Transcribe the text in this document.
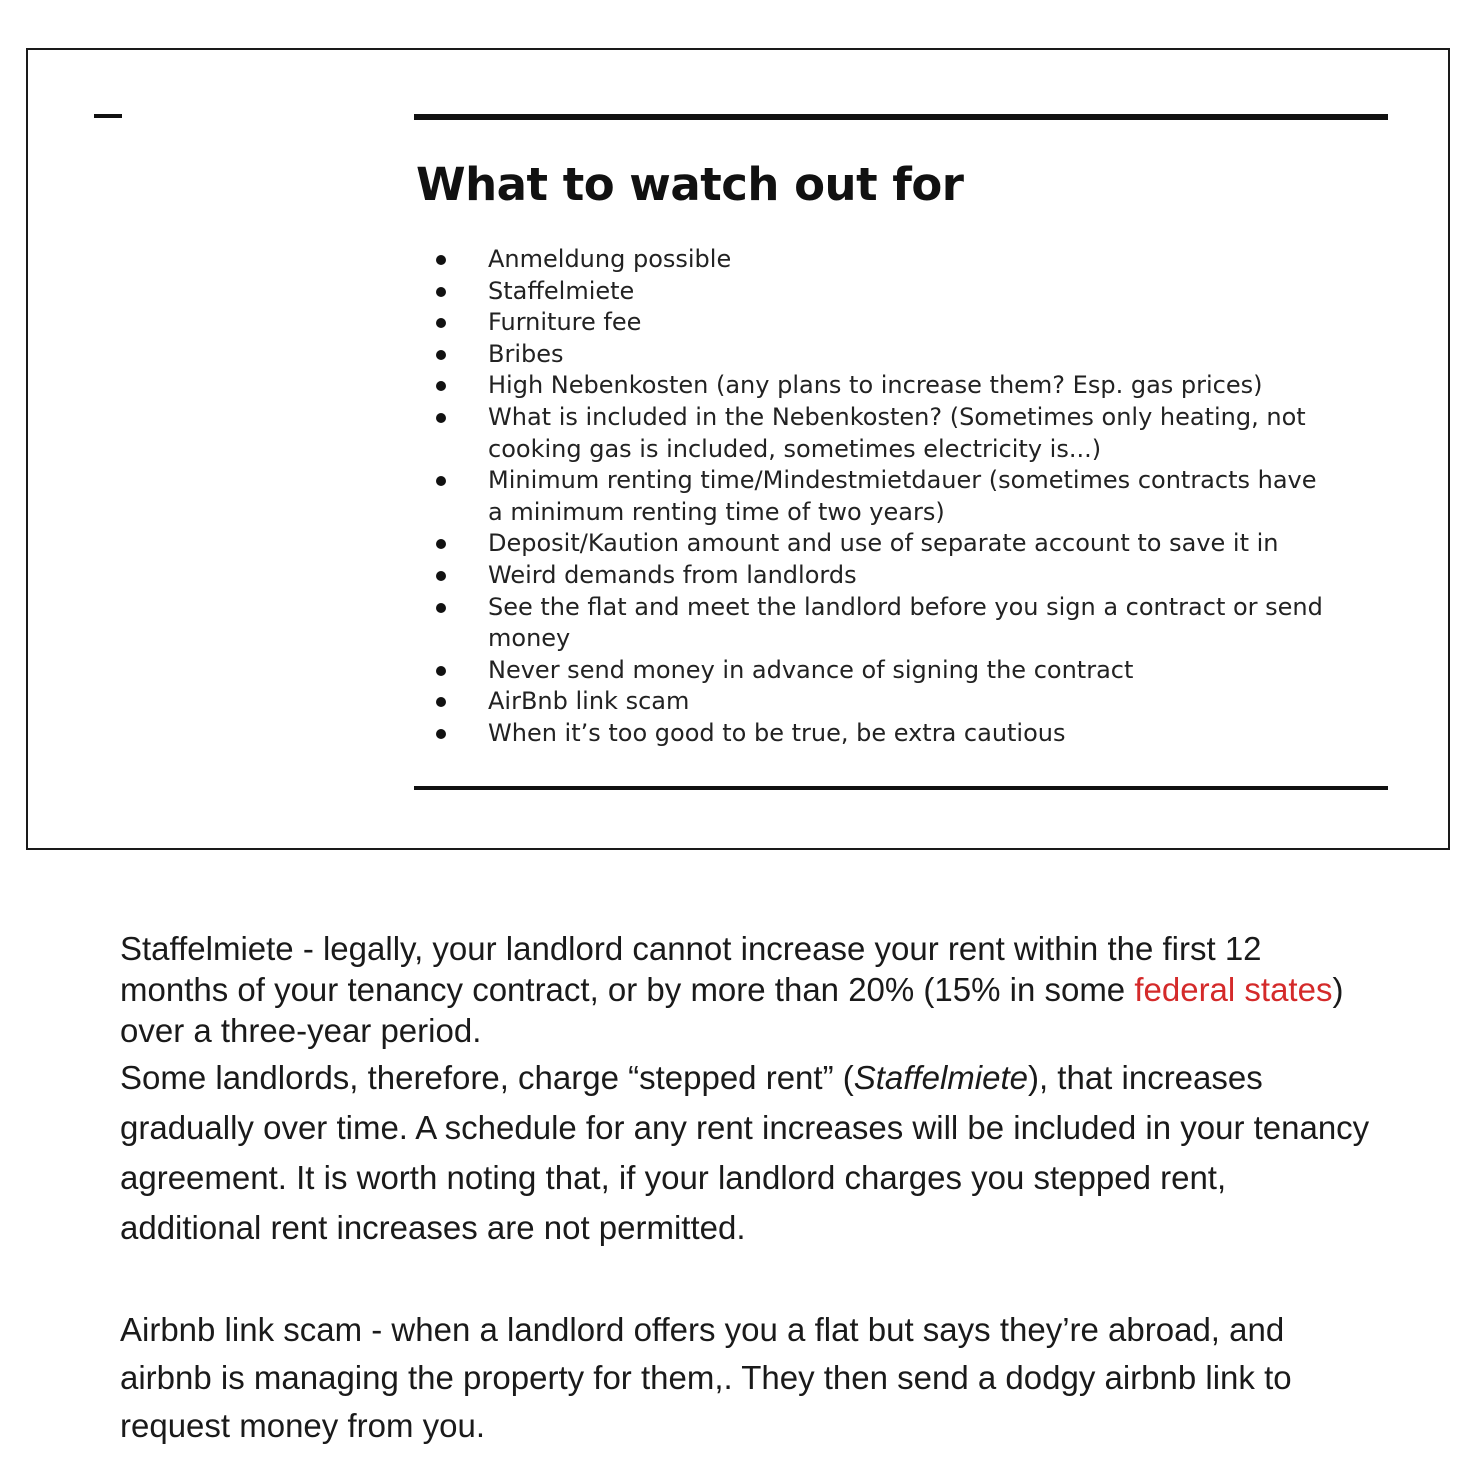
What to watch out for
Anmeldung possible
Staffelmiete
Furniture fee
Bribes
High Nebenkosten (any plans to increase them? Esp. gas prices)
What is included in the Nebenkosten? (Sometimes only heating, not cooking gas is included, sometimes electricity is...)
Minimum renting time/Mindestmietdauer (sometimes contracts have a minimum renting time of two years)
Deposit/Kaution amount and use of separate account to save it in
Weird demands from landlords
See the flat and meet the landlord before you sign a contract or send money
Never send money in advance of signing the contract
AirBnb link scam
When it’s too good to be true, be extra cautious

Staffelmiete - legally, your landlord cannot increase your rent within the first 12 months of your tenancy contract, or by more than 20% (15% in some federal states) over a three-year period.

Some landlords, therefore, charge “stepped rent” (Staffelmiete), that increases gradually over time. A schedule for any rent increases will be included in your tenancy agreement. It is worth noting that, if your landlord charges you stepped rent, additional rent increases are not permitted.

Airbnb link scam - when a landlord offers you a flat but says they’re abroad, and airbnb is managing the property for them,. They then send a dodgy airbnb link to request money from you.
